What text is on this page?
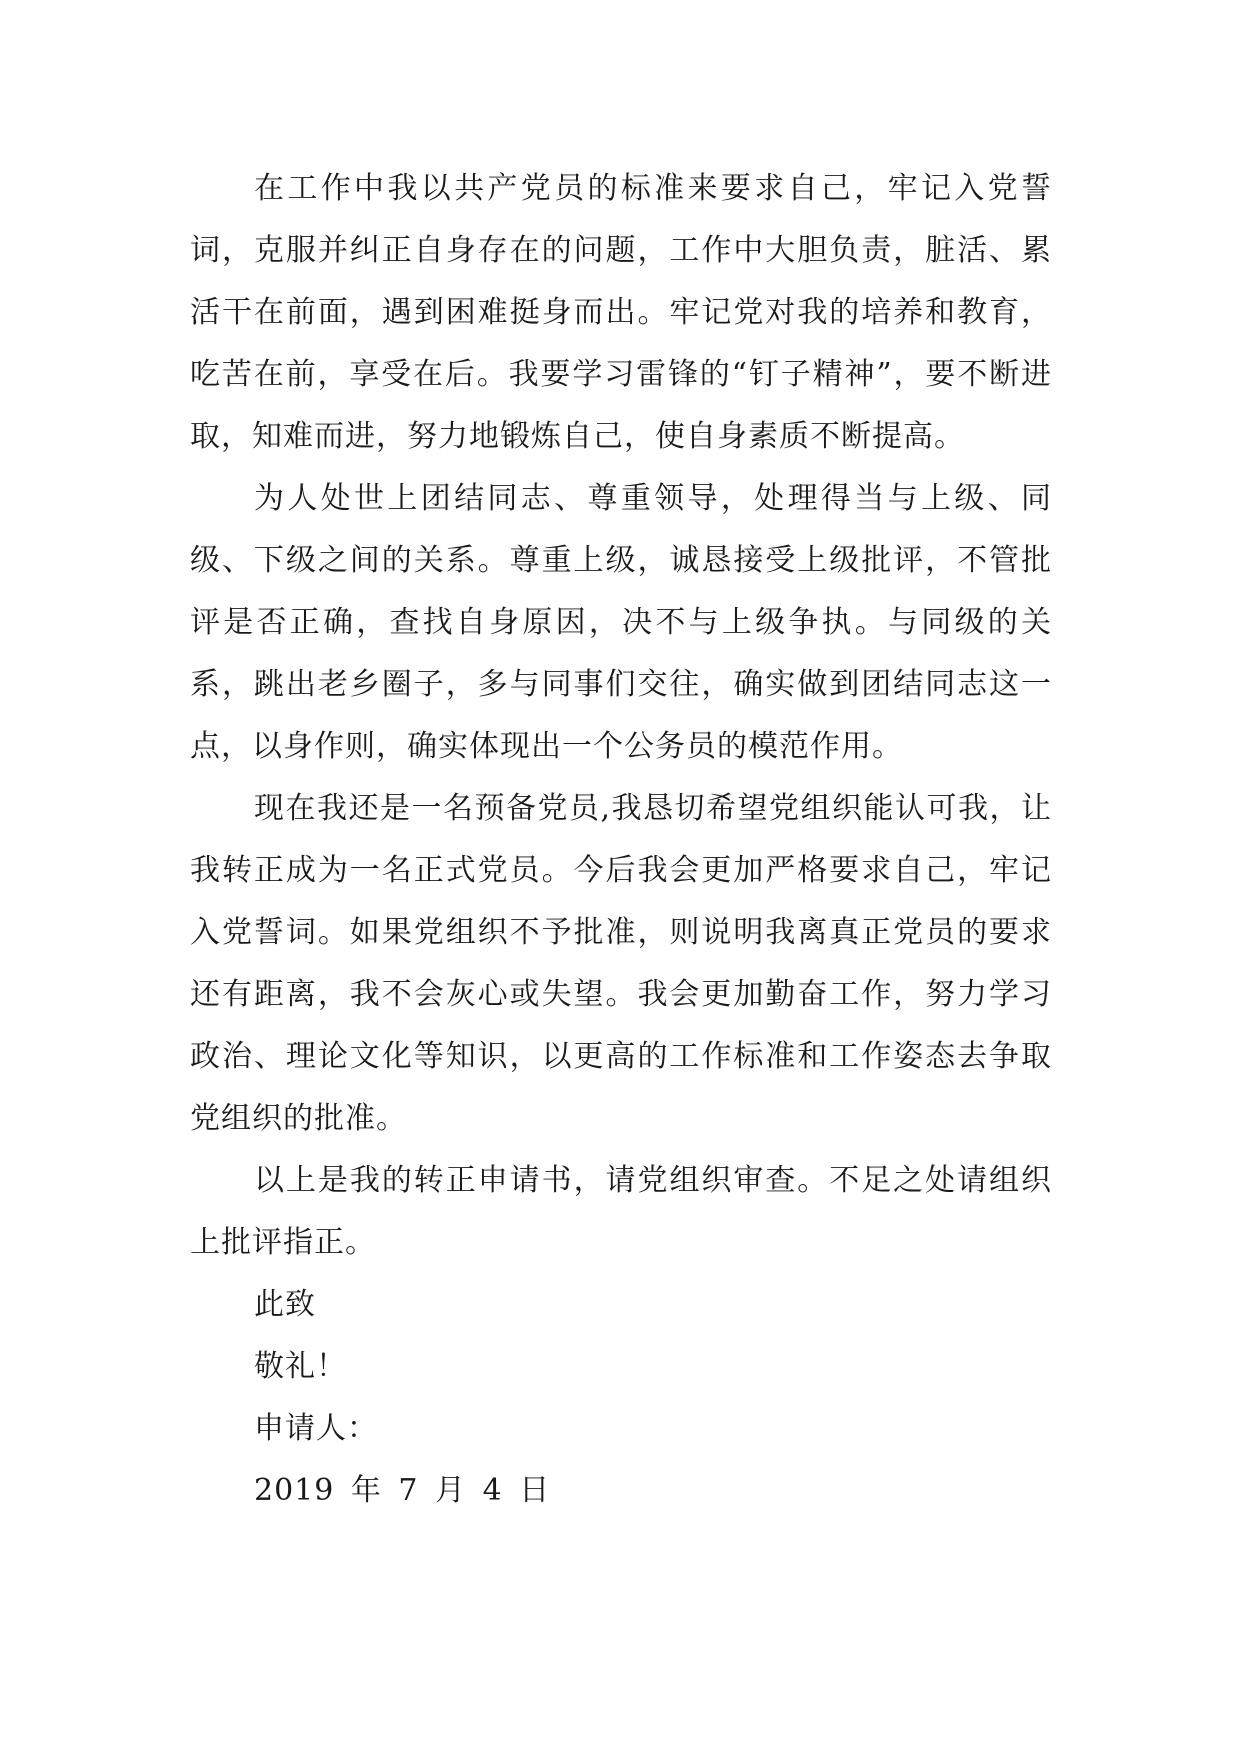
在工作中我以共产党员的标准来要求自己，牢记入党誓词，克服并纠正自身存在的问题，工作中大胆负责，脏活、累活干在前面，遇到困难挺身而出。牢记党对我的培养和教育，吃苦在前，享受在后。我要学习雷锋的“钉子精神”，要不断进取，知难而进，努力地锻炼自己，使自身素质不断提高。

为人处世上团结同志、尊重领导，处理得当与上级、同级、下级之间的关系。尊重上级，诚恳接受上级批评，不管批评是否正确，查找自身原因，决不与上级争执。与同级的关系，跳出老乡圈子，多与同事们交往，确实做到团结同志这一点，以身作则，确实体现出一个公务员的模范作用。

现在我还是一名预备党员,我恳切希望党组织能认可我，让我转正成为一名正式党员。今后我会更加严格要求自己，牢记入党誓词。如果党组织不予批准，则说明我离真正党员的要求还有距离，我不会灰心或失望。我会更加勤奋工作，努力学习政治、理论文化等知识，以更高的工作标准和工作姿态去争取党组织的批准。

以上是我的转正申请书，请党组织审查。不足之处请组织上批评指正。

此致

敬礼！

申请人：

2019 年 7 月 4 日
